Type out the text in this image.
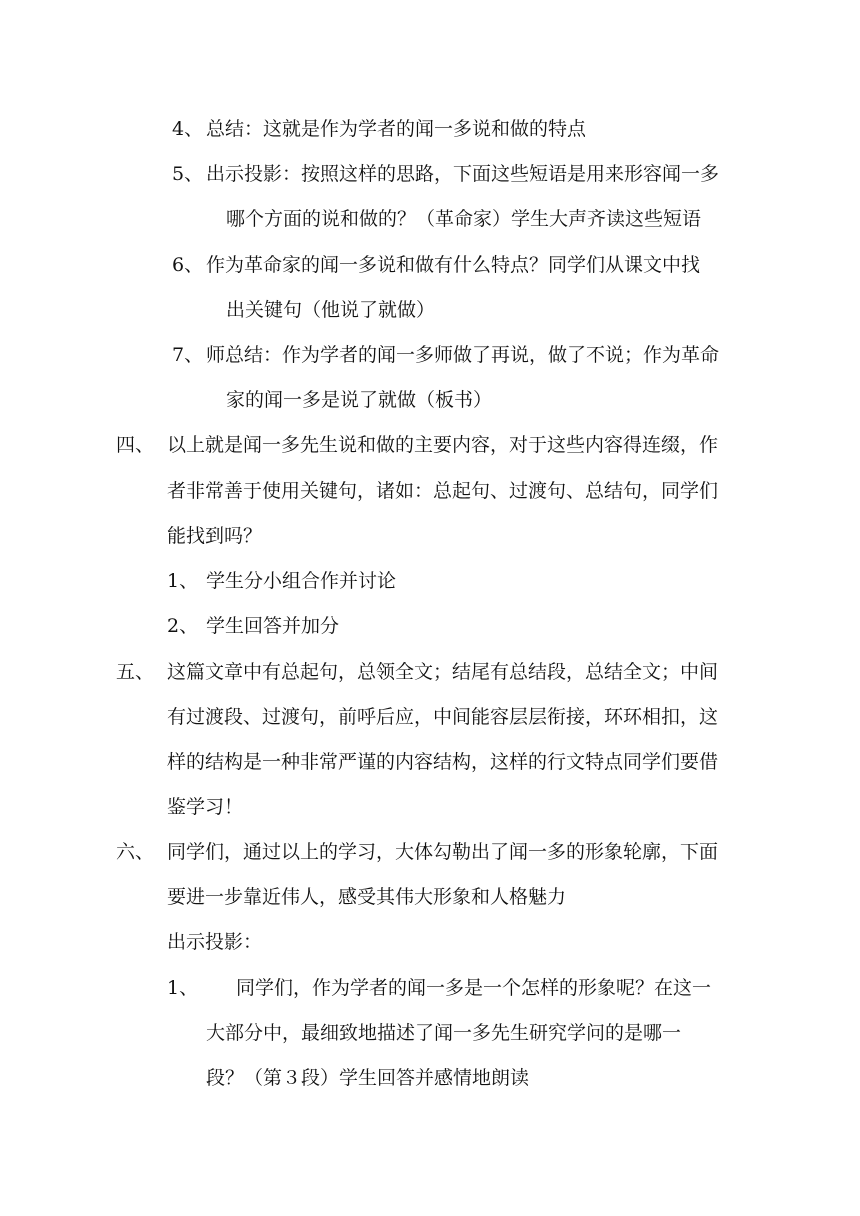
4、 总结：这就是作为学者的闻一多说和做的特点
5、 出示投影：按照这样的思路，下面这些短语是用来形容闻一多
哪个方面的说和做的？（革命家）学生大声齐读这些短语
6、 作为革命家的闻一多说和做有什么特点？同学们从课文中找
出关键句（他说了就做）
7、 师总结：作为学者的闻一多师做了再说，做了不说；作为革命
家的闻一多是说了就做（板书）
四、 以上就是闻一多先生说和做的主要内容，对于这些内容得连缀，作
者非常善于使用关键句，诸如：总起句、过渡句、总结句，同学们
能找到吗？
1、 学生分小组合作并讨论
2、 学生回答并加分
五、 这篇文章中有总起句，总领全文；结尾有总结段，总结全文；中间
有过渡段、过渡句，前呼后应，中间能容层层衔接，环环相扣，这
样的结构是一种非常严谨的内容结构，这样的行文特点同学们要借
鉴学习！
六、 同学们，通过以上的学习，大体勾勒出了闻一多的形象轮廓，下面
要进一步靠近伟人，感受其伟大形象和人格魅力
出示投影：
1、 同学们，作为学者的闻一多是一个怎样的形象呢？在这一
大部分中，最细致地描述了闻一多先生研究学问的是哪一
段？（第３段）学生回答并感情地朗读
